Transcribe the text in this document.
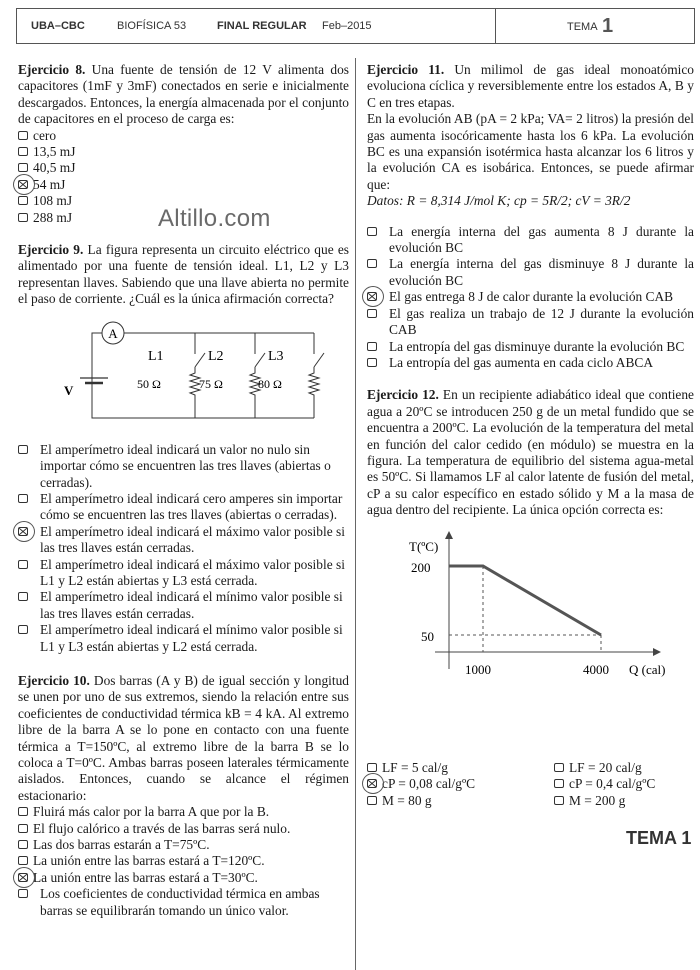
UBA–CBC	BIOFÍSICA 53	FINAL REGULAR Feb–2015	TEMA 1
Ejercicio 8. Una fuente de tensión de 12 V alimenta dos capacitores (1mF y 3mF) conectados en serie e inicialmente descargados. Entonces, la energía almacenada por el conjunto de capacitores en el proceso de carga es:
cero
13,5 mJ
40,5 mJ
54 mJ
108 mJ
288 mJ
Ejercicio 9. La figura representa un circuito eléctrico que es alimentado por una fuente de tensión ideal. L1, L2 y L3 representan llaves. Sabiendo que una llave abierta no permite el paso de corriente. ¿Cuál es la única afirmación correcta?
A
V
L1	L2	L3
50 Ω	75 Ω	80 Ω
El amperímetro ideal indicará un valor no nulo sin importar cómo se encuentren las tres llaves (abiertas o cerradas).
El amperímetro ideal indicará cero amperes sin importar cómo se encuentren las tres llaves (abiertas o cerradas).
El amperímetro ideal indicará el máximo valor posible si las tres llaves están cerradas.
El amperímetro ideal indicará el máximo valor posible si L1 y L2 están abiertas y L3 está cerrada.
El amperímetro ideal indicará el mínimo valor posible si las tres llaves están cerradas.
El amperímetro ideal indicará el mínimo valor posible si L1 y L3 están abiertas y L2 está cerrada.
Ejercicio 10. Dos barras (A y B) de igual sección y longitud se unen por uno de sus extremos, siendo la relación entre sus coeficientes de conductividad térmica kB = 4 kA. Al extremo libre de la barra A se lo pone en contacto con una fuente térmica a T=150ºC, al extremo libre de la barra B se lo coloca a T=0ºC. Ambas barras poseen laterales térmicamente aislados. Entonces, cuando se alcance el régimen estacionario:
Fluirá más calor por la barra A que por la B.
El flujo calórico a través de las barras será nulo.
Las dos barras estarán a T=75ºC.
La unión entre las barras estará a T=120ºC.
La unión entre las barras estará a T=30ºC.
Los coeficientes de conductividad térmica en ambas barras se equilibrarán tomando un único valor.
Altillo.com
Ejercicio 11. Un milimol de gas ideal monoatómico evoluciona cíclica y reversiblemente entre los estados A, B y C en tres etapas.
En la evolución AB (pA = 2 kPa; VA= 2 litros) la presión del gas aumenta isocóricamente hasta los 6 kPa. La evolución BC es una expansión isotérmica hasta alcanzar los 6 litros y la evolución CA es isobárica. Entonces, se puede afirmar que:
Datos: R = 8,314 J/mol K; cp = 5R/2; cV = 3R/2
La energía interna del gas aumenta 8 J durante la evolución BC
La energía interna del gas disminuye 8 J durante la evolución BC
El gas entrega 8 J de calor durante la evolución CAB
El gas realiza un trabajo de 12 J durante la evolución CAB
La entropía del gas disminuye durante la evolución BC
La entropía del gas aumenta en cada ciclo ABCA
Ejercicio 12. En un recipiente adiabático ideal que contiene agua a 20ºC se introducen 250 g de un metal fundido que se encuentra a 200ºC. La evolución de la temperatura del metal en función del calor cedido (en módulo) se muestra en la figura. La temperatura de equilibrio del sistema agua-metal es 50ºC. Si llamamos LF al calor latente de fusión del metal, cP a su calor específico en estado sólido y M a la masa de agua dentro del recipiente. La única opción correcta es:
T(ºC)
200
50
1000	4000 Q (cal)
LF = 5 cal/g
cP = 0,08 cal/gºC
M = 80 g
LF = 20 cal/g
cP = 0,4 cal/gºC
M = 200 g
TEMA 1
